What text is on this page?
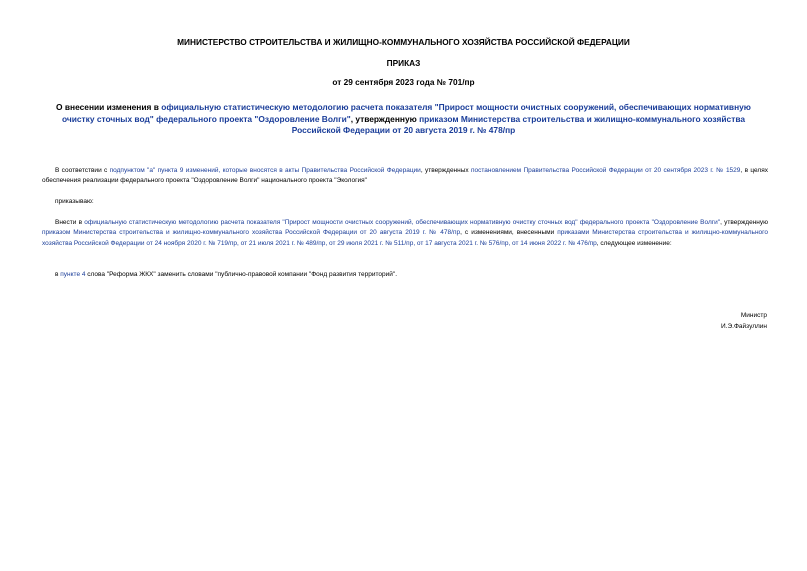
МИНИСТЕРСТВО СТРОИТЕЛЬСТВА И ЖИЛИЩНО-КОММУНАЛЬНОГО ХОЗЯЙСТВА РОССИЙСКОЙ ФЕДЕРАЦИИ
ПРИКАЗ
от 29 сентября 2023 года № 701/пр
О внесении изменения в официальную статистическую методологию расчета показателя "Прирост мощности очистных сооружений, обеспечивающих нормативную очистку сточных вод" федерального проекта "Оздоровление Волги", утвержденную приказом Министерства строительства и жилищно-коммунального хозяйства Российской Федерации от 20 августа 2019 г. № 478/пр
В соответствии с подпунктом "а" пункта 9 изменений, которые вносятся в акты Правительства Российской Федерации, утвержденных постановлением Правительства Российской Федерации от 20 сентября 2023 г. № 1529, в целях обеспечения реализации федерального проекта "Оздоровление Волги" национального проекта "Экология"
приказываю:
Внести в официальную статистическую методологию расчета показателя "Прирост мощности очистных сооружений, обеспечивающих нормативную очистку сточных вод" федерального проекта "Оздоровление Волги", утвержденную приказом Министерства строительства и жилищно-коммунального хозяйства Российской Федерации от 20 августа 2019 г. № 478/пр, с изменениями, внесенными приказами Министерства строительства и жилищно-коммунального хозяйства Российской Федерации от 24 ноября 2020 г. № 719/пр, от 21 июля 2021 г. № 489/пр, от 29 июля 2021 г. № 511/пр, от 17 августа 2021 г. № 576/пр, от 14 июня 2022 г. № 476/пр, следующее изменение:
в пункте 4 слова "Реформа ЖКХ" заменить словами "публично-правовой компании "Фонд развития территорий".
Министр
И.Э.Файзуллин
